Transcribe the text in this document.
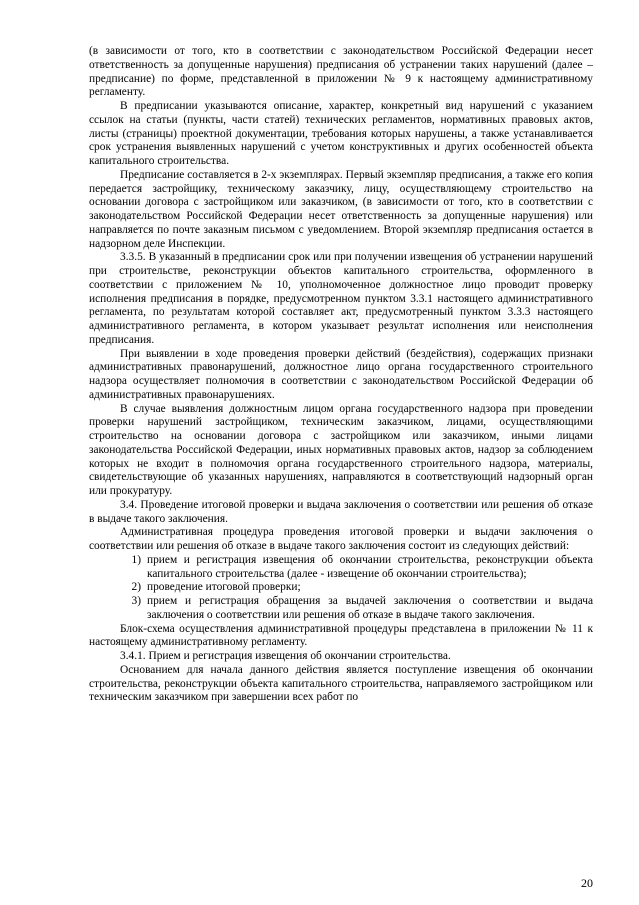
(в зависимости от того, кто в соответствии с законодательством Российской Федерации несет ответственность за допущенные нарушения) предписания об устранении таких нарушений (далее – предписание) по форме, представленной в приложении № 9 к настоящему административному регламенту.

В предписании указываются описание, характер, конкретный вид нарушений с указанием ссылок на статьи (пункты, части статей) технических регламентов, нормативных правовых актов, листы (страницы) проектной документации, требования которых нарушены, а также устанавливается срок устранения выявленных нарушений с учетом конструктивных и других особенностей объекта капитального строительства.

Предписание составляется в 2-х экземплярах. Первый экземпляр предписания, а также его копия передается застройщику, техническому заказчику, лицу, осуществляющему строительство на основании договора с застройщиком или заказчиком, (в зависимости от того, кто в соответствии с законодательством Российской Федерации несет ответственность за допущенные нарушения) или направляется по почте заказным письмом с уведомлением. Второй экземпляр предписания остается в надзорном деле Инспекции.

3.3.5. В указанный в предписании срок или при получении извещения об устранении нарушений при строительстве, реконструкции объектов капитального строительства, оформленного в соответствии с приложением № 10, уполномоченное должностное лицо проводит проверку исполнения предписания в порядке, предусмотренном пунктом 3.3.1 настоящего административного регламента, по результатам которой составляет акт, предусмотренный пунктом 3.3.3 настоящего административного регламента, в котором указывает результат исполнения или неисполнения предписания.

При выявлении в ходе проведения проверки действий (бездействия), содержащих признаки административных правонарушений, должностное лицо органа государственного строительного надзора осуществляет полномочия в соответствии с законодательством Российской Федерации об административных правонарушениях.

В случае выявления должностным лицом органа государственного надзора при проведении проверки нарушений застройщиком, техническим заказчиком, лицами, осуществляющими строительство на основании договора с застройщиком или заказчиком, иными лицами законодательства Российской Федерации, иных нормативных правовых актов, надзор за соблюдением которых не входит в полномочия органа государственного строительного надзора, материалы, свидетельствующие об указанных нарушениях, направляются в соответствующий надзорный орган или прокуратуру.

3.4. Проведение итоговой проверки и выдача заключения о соответствии или решения об отказе в выдаче такого заключения.

Административная процедура проведения итоговой проверки и выдачи заключения о соответствии или решения об отказе в выдаче такого заключения состоит из следующих действий:

1) прием и регистрация извещения об окончании строительства, реконструкции объекта капитального строительства (далее - извещение об окончании строительства);
2) проведение итоговой проверки;
3) прием и регистрация обращения за выдачей заключения о соответствии и выдача заключения о соответствии или решения об отказе в выдаче такого заключения.

Блок-схема осуществления административной процедуры представлена в приложении № 11 к настоящему административному регламенту.

3.4.1. Прием и регистрация извещения об окончании строительства.

Основанием для начала данного действия является поступление извещения об окончании строительства, реконструкции объекта капитального строительства, направляемого застройщиком или техническим заказчиком при завершении всех работ по

20
